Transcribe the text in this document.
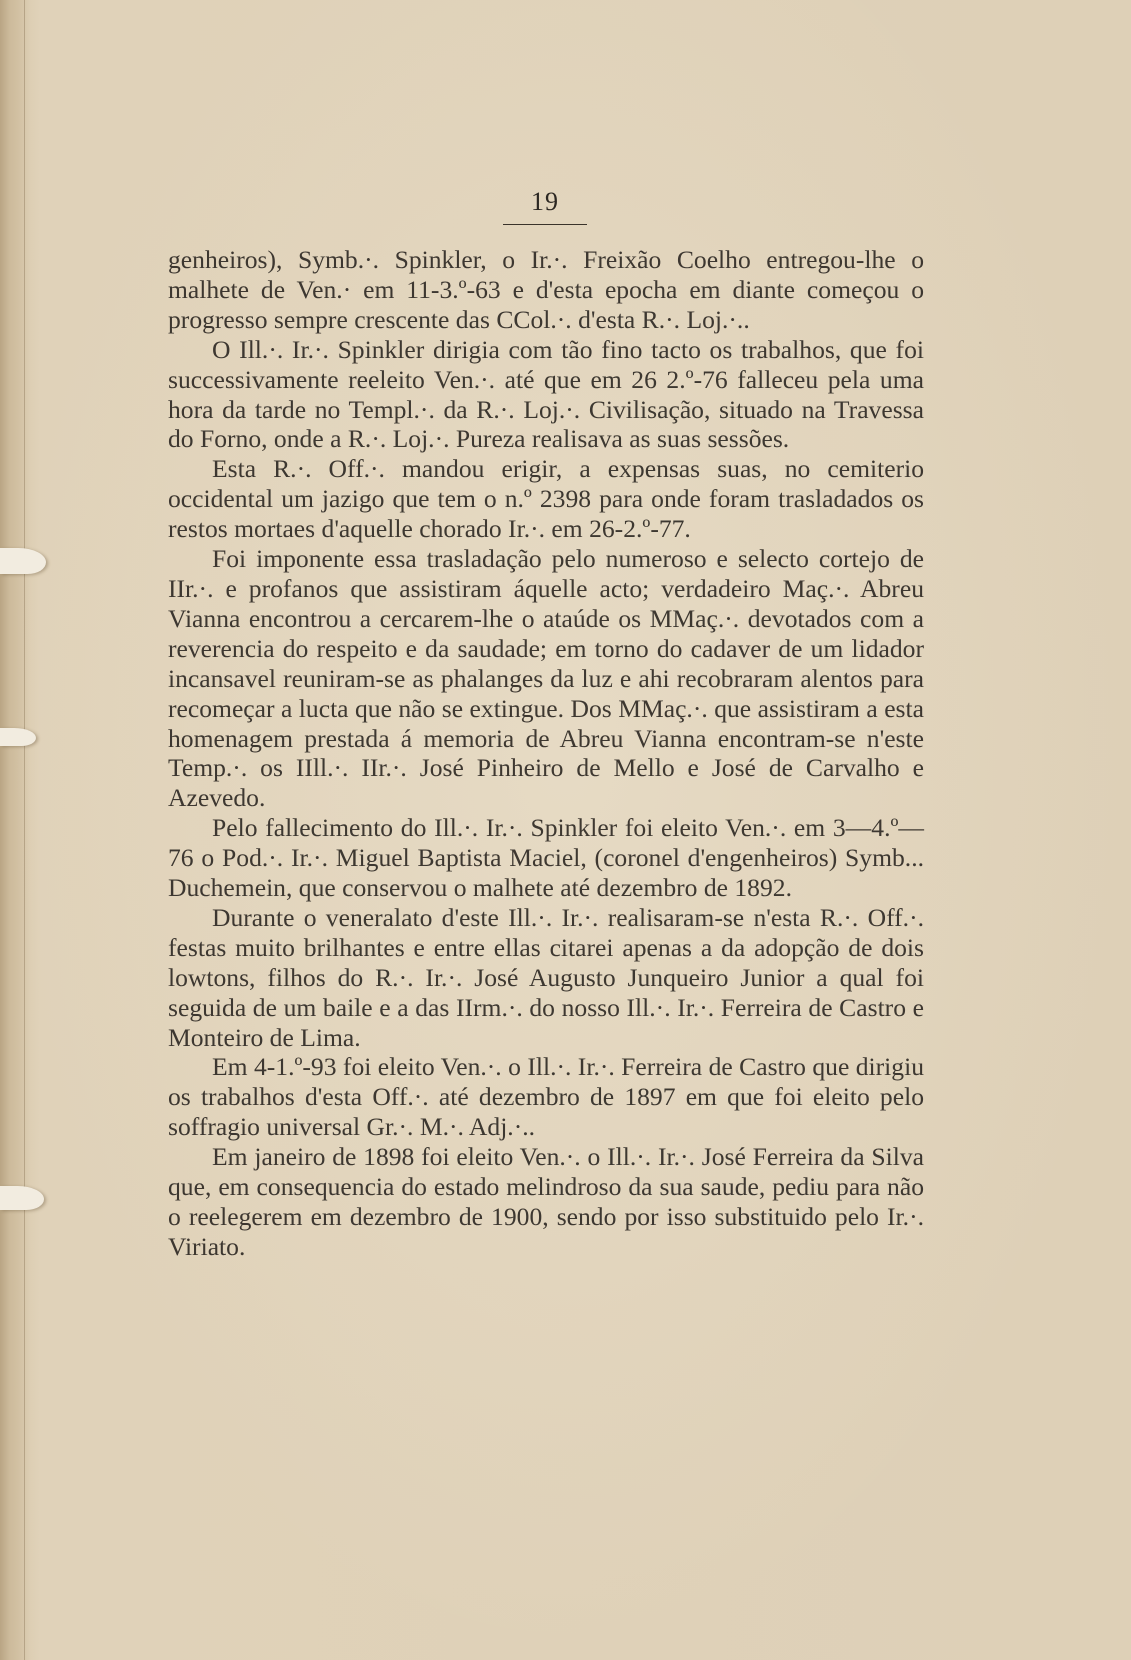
19

genheiros), Symb.·. Spinkler, o Ir.·. Freixão Coelho entregou-lhe o malhete de Ven.· em 11-3.º-63 e d'esta epocha em diante começou o progresso sempre crescente das CCol.·. d'esta R.·. Loj.·..

O Ill.·. Ir.·. Spinkler dirigia com tão fino tacto os trabalhos, que foi successivamente reeleito Ven.·. até que em 26 2.º-76 falleceu pela uma hora da tarde no Templ.·. da R.·. Loj.·. Civilisação, situado na Travessa do Forno, onde a R.·. Loj.·. Pureza realisava as suas sessões.

Esta R.·. Off.·. mandou erigir, a expensas suas, no cemiterio occidental um jazigo que tem o n.º 2398 para onde foram trasladados os restos mortaes d'aquelle chorado Ir.·. em 26-2.º-77.

Foi imponente essa trasladação pelo numeroso e selecto cortejo de IIr.·. e profanos que assistiram áquelle acto; verdadeiro Maç.·. Abreu Vianna encontrou a cercarem-lhe o ataúde os MMaç.·. devotados com a reverencia do respeito e da saudade; em torno do cadaver de um lidador incansavel reuniram-se as phalanges da luz e ahi recobraram alentos para recomeçar a lucta que não se extingue. Dos MMaç.·. que assistiram a esta homenagem prestada á memoria de Abreu Vianna encontram-se n'este Temp.·. os IIll.·. IIr.·. José Pinheiro de Mello e José de Carvalho e Azevedo.

Pelo fallecimento do Ill.·. Ir.·. Spinkler foi eleito Ven.·. em 3—4.º—76 o Pod.·. Ir.·. Miguel Baptista Maciel, (coronel d'engenheiros) Symb... Duchemein, que conservou o malhete até dezembro de 1892.

Durante o veneralato d'este Ill.·. Ir.·. realisaram-se n'esta R.·. Off.·. festas muito brilhantes e entre ellas citarei apenas a da adopção de dois lowtons, filhos do R.·. Ir.·. José Augusto Junqueiro Junior a qual foi seguida de um baile e a das IIrm.·. do nosso Ill.·. Ir.·. Ferreira de Castro e Monteiro de Lima.

Em 4-1.º-93 foi eleito Ven.·. o Ill.·. Ir.·. Ferreira de Castro que dirigiu os trabalhos d'esta Off.·. até dezembro de 1897 em que foi eleito pelo soffragio universal Gr.·. M.·. Adj.·..

Em janeiro de 1898 foi eleito Ven.·. o Ill.·. Ir.·. José Ferreira da Silva que, em consequencia do estado melindroso da sua saude, pediu para não o reelegerem em dezembro de 1900, sendo por isso substituido pelo Ir.·. Viriato.
